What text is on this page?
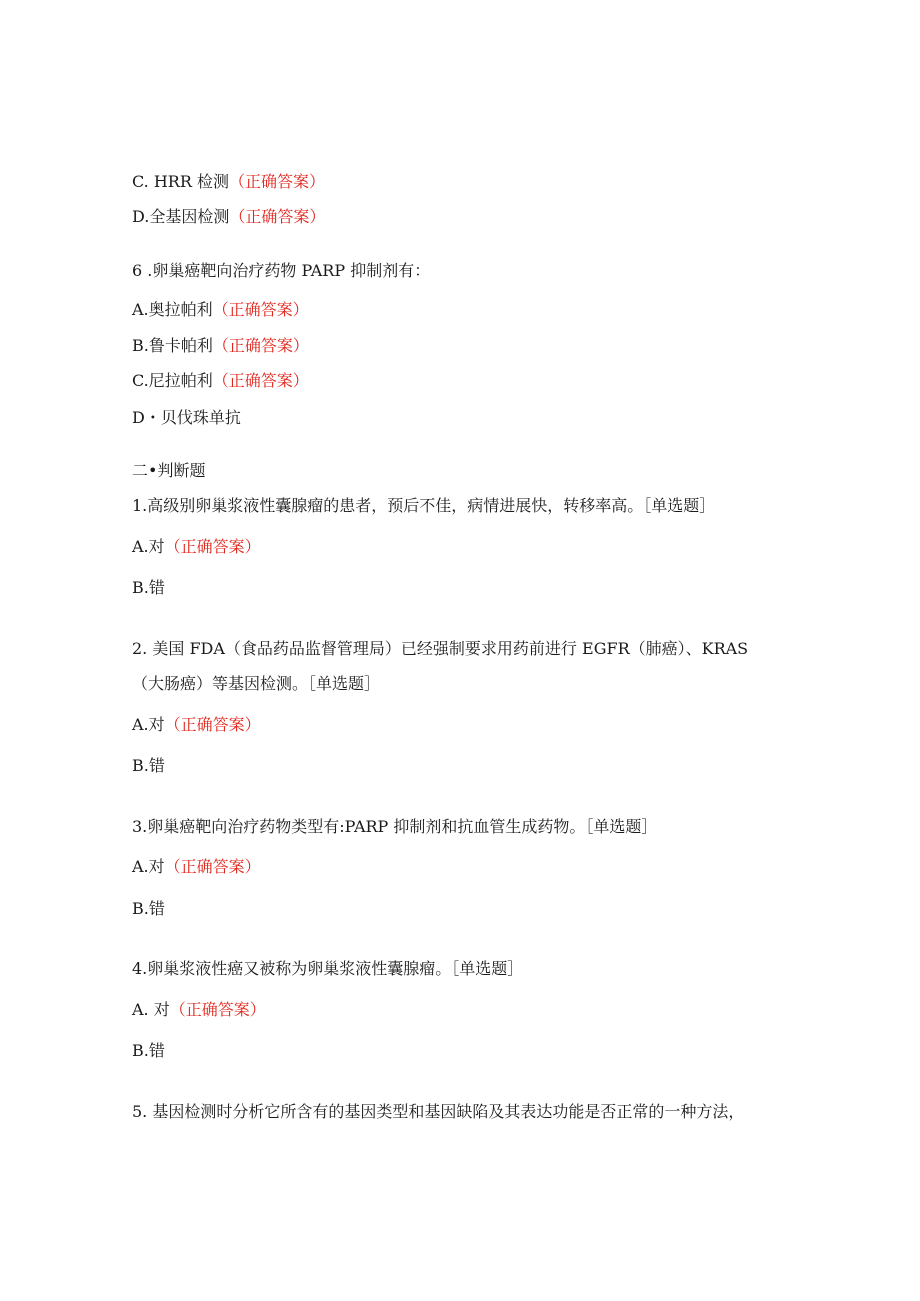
C. HRR 检测（正确答案）
D.全基因检测（正确答案）
6 .卵巢癌靶向治疗药物 PARP 抑制剂有：
A.奥拉帕利（正确答案）
B.鲁卡帕利（正确答案）
C.尼拉帕利（正确答案）
D・贝伐珠单抗
二•判断题
1.高级别卵巢浆液性囊腺瘤的患者，预后不佳，病情进展快，转移率高。［单选题］
A.对（正确答案）
B.错
2. 美国 FDA（食品药品监督管理局）已经强制要求用药前进行 EGFR（肺癌）、KRAS
（大肠癌）等基因检测。［单选题］
A.对（正确答案）
B.错
3.卵巢癌靶向治疗药物类型有:PARP 抑制剂和抗血管生成药物。［单选题］
A.对（正确答案）
B.错
4.卵巢浆液性癌又被称为卵巢浆液性囊腺瘤。［单选题］
A. 对（正确答案）
B.错
5. 基因检测时分析它所含有的基因类型和基因缺陷及其表达功能是否正常的一种方法，
